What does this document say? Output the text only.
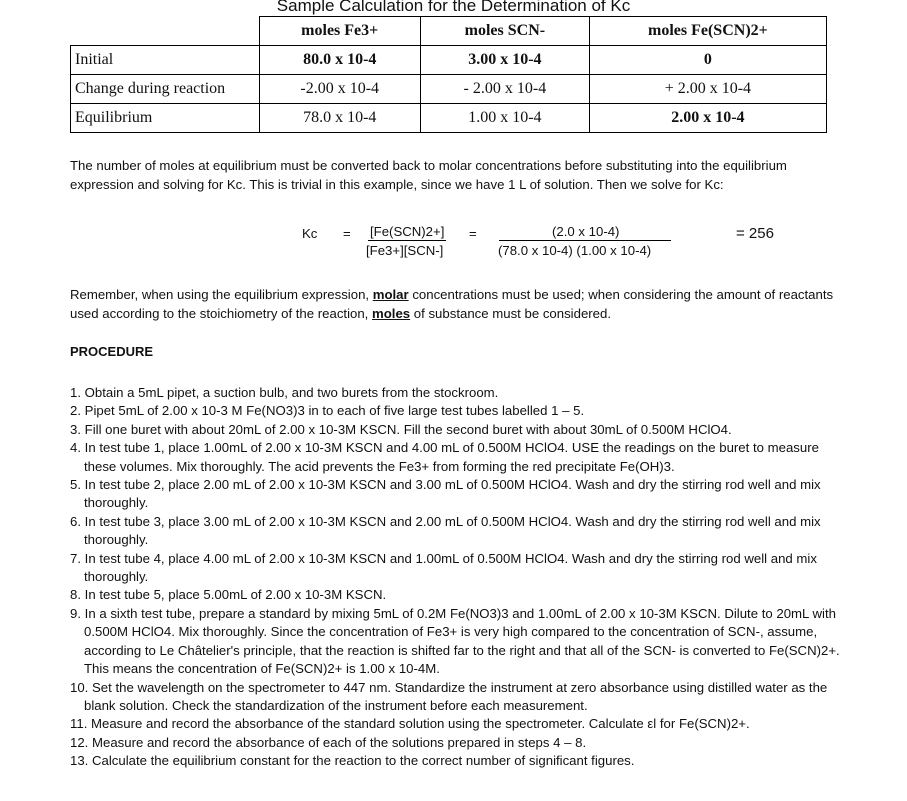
Sample Calculation for the Determination of Kc
	moles Fe3+	moles SCN-	moles Fe(SCN)2+
Initial	80.0 x 10-4	3.00 x 10-4	0
Change during reaction	-2.00 x 10-4	- 2.00 x 10-4	+ 2.00 x 10-4
Equilibrium	78.0 x 10-4	1.00 x 10-4	2.00 x 10-4
The number of moles at equilibrium must be converted back to molar concentrations before substituting into the equilibrium expression and solving for Kc. This is trivial in this example, since we have 1 L of solution. Then we solve for Kc:
Kc = [Fe(SCN)2+]
[Fe3+][SCN-]
=	(2.0 x 10-4)
(78.0 x 10-4) (1.00 x 10-4)
= 256
Remember, when using the equilibrium expression, molar concentrations must be used; when considering the amount of reactants used according to the stoichiometry of the reaction, moles of substance must be considered.
PROCEDURE
1. Obtain a 5mL pipet, a suction bulb, and two burets from the stockroom.
2. Pipet 5mL of 2.00 x 10-3 M Fe(NO3)3 in to each of five large test tubes labelled 1 – 5.
3. Fill one buret with about 20mL of 2.00 x 10-3M KSCN. Fill the second buret with about 30mL of 0.500M HClO4.
4. In test tube 1, place 1.00mL of 2.00 x 10-3M KSCN and 4.00 mL of 0.500M HClO4. USE the readings on the buret to measure these volumes. Mix thoroughly. The acid prevents the Fe3+ from forming the red precipitate Fe(OH)3.
5. In test tube 2, place 2.00 mL of 2.00 x 10-3M KSCN and 3.00 mL of 0.500M HClO4. Wash and dry the stirring rod well and mix thoroughly.
6. In test tube 3, place 3.00 mL of 2.00 x 10-3M KSCN and 2.00 mL of 0.500M HClO4. Wash and dry the stirring rod well and mix thoroughly.
7. In test tube 4, place 4.00 mL of 2.00 x 10-3M KSCN and 1.00mL of 0.500M HClO4. Wash and dry the stirring rod well and mix thoroughly.
8. In test tube 5, place 5.00mL of 2.00 x 10-3M KSCN.
9. In a sixth test tube, prepare a standard by mixing 5mL of 0.2M Fe(NO3)3 and 1.00mL of 2.00 x 10-3M KSCN. Dilute to 20mL with 0.500M HClO4. Mix thoroughly. Since the concentration of Fe3+ is very high compared to the concentration of SCN-, assume, according to Le Châtelier's principle, that the reaction is shifted far to the right and that all of the SCN- is converted to Fe(SCN)2+. This means the concentration of Fe(SCN)2+ is 1.00 x 10-4M.
10. Set the wavelength on the spectrometer to 447 nm. Standardize the instrument at zero absorbance using distilled water as the blank solution. Check the standardization of the instrument before each measurement.
11. Measure and record the absorbance of the standard solution using the spectrometer. Calculate εl for Fe(SCN)2+.
12. Measure and record the absorbance of each of the solutions prepared in steps 4 – 8.
13. Calculate the equilibrium constant for the reaction to the correct number of significant figures.
